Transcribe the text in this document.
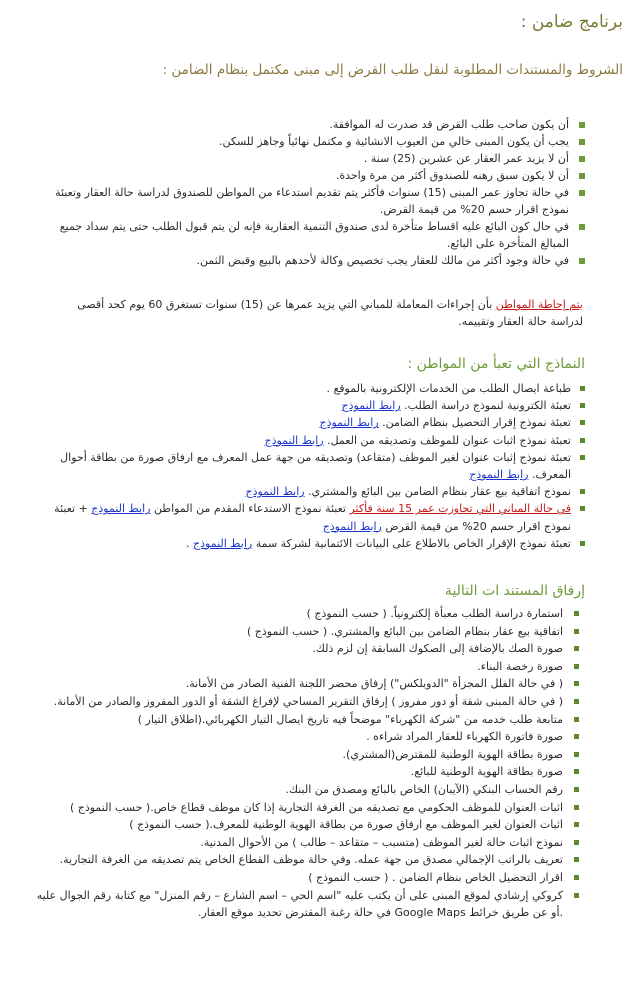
برنامج ضامن :
الشروط والمستندات المطلوبة لنقل طلب القرض إلى مبنى مكتمل بنظام الضامن :
أن يكون صاحب طلب القرض قد صدرت له الموافقة.
يجب أن يكون المبنى خالي من العيوب الانشائية و مكتمل نهائياً وجاهز للسكن.
أن لا يزيد عمر العقار عن عشرين (25) سنة .
أن لا يكون سبق رهنه للصندوق أكثر من مرة واحدة.
في حالة تجاوز عمر المبنى (15) سنوات فأكثر يتم تقديم استدعاء من المواطن للصندوق لدراسة حالة العقار وتعبئة نموذج اقرار حسم 20% من قيمة القرض.
في حال كون البائع عليه اقساط متأخرة لدى صندوق التنمية العقارية فإنه لن يتم قبول الطلب حتى يتم سداد جميع المبالغ المتأخرة على البائع.
في حالة وجود أكثر من مالك للعقار يجب تخصيص وكالة لأحدهم بالبيع وقبض الثمن.
يتم إحاطة المواطن بأن إجراءات المعاملة للمباني التي يزيد عمرها عن (15) سنوات تستغرق 60 يوم كحد أقصى لدراسة حالة العقار وتقييمه.
النماذج التي تعبأ من المواطن :
طباعة ايصال الطلب من الخدمات الإلكترونية بالموقع .
تعبئة الكترونية لنموذج دراسة الطلب. رابط النموذج
تعبئة نموذج إقرار التحصيل بنظام الضامن. رابط النموذج
تعبئة نموذج اثبات عنوان للموظف وتصديقه من العمل. رابط النموذج
تعبئة نموذج إثبات عنوان لغير الموظف (متقاعد) وتصديقه من جهة عمل المعرف مع ارفاق صورة من بطاقة أحوال المعرف. رابط النموذج
نموذج اتفاقية بيع عقار بنظام الضامن بين البائع والمشتري. رابط النموذج
في حالة المباني التي تجاوزت عمر 15 سنة فأكثر تعبئة نموذج الاستدعاء المقدم من المواطن رابط النموذج + تعبئة نموذج اقرار حسم 20% من قيمة القرض رابط النموذج
تعبئة نموذج الإقرار الخاص بالاطلاع على البيانات الائتمانية لشركة سمة رابط النموذج .
إرفاق المستند ات التالية
استمارة دراسة الطلب معبأة إلكترونياً. ( حسب النموذج )
اتفاقية بيع عقار بنظام الضامن بين البائع والمشتري. ( حسب النموذج )
صورة الصك بالإضافة إلى الصكوك السابقة إن لزم ذلك.
صورة رخصة البناء.
( في حالة الفلل المجزأة "الدوبلكس") إرفاق محضر اللجنة الفنية الصادر من الأمانة.
( في حالة المبنى شقة أو دور مفروز ) إرفاق التقرير المساحي لإفراغ الشقة أو الدور المفروز والصادر من الأمانة.
متابعة طلب خدمه من "شركة الكهرباء" موضحاً فيه تاريخ ايصال التيار الكهربائي.(اطلاق التيار )
صورة فاتورة الكهرباء للعقار المراد شراءه .
صورة بطاقة الهوية الوطنية للمقترض(المشتري).
صورة بطاقة الهوية الوطنية للبائع.
رقم الحساب البنكي (الآيبان) الخاص بالبائع ومصدق من البنك.
اثبات العنوان للموظف الحكومي مع تصديقه من الغرفة التجارية إذا كان موظف قطاع خاص.( حسب النموذج )
اثبات العنوان لغير الموظف مع ارفاق صورة من بطاقة الهوية الوطنية للمعرف.( حسب النموذج )
نموذج اثبات حالة لغير الموظف (متسبب – متقاعد – طالب ) من الأحوال المدنية.
تعريف بالراتب الإجمالي مصدق من جهة عمله. وفي حالة موظف القطاع الخاص يتم تصديقه من الغرفة التجارية.
اقرار التحصيل الخاص بنظام الضامن . ( حسب النموذج )
كروكي إرشادي لموقع المبنى على أن يكتب عليه "اسم الحي – اسم الشارع – رقم المنزل" مع كتابة رقم الجوال عليه .أو عن طريق خرائط Google Maps في حالة رغبة المقترض تحديد موقع العقار.
